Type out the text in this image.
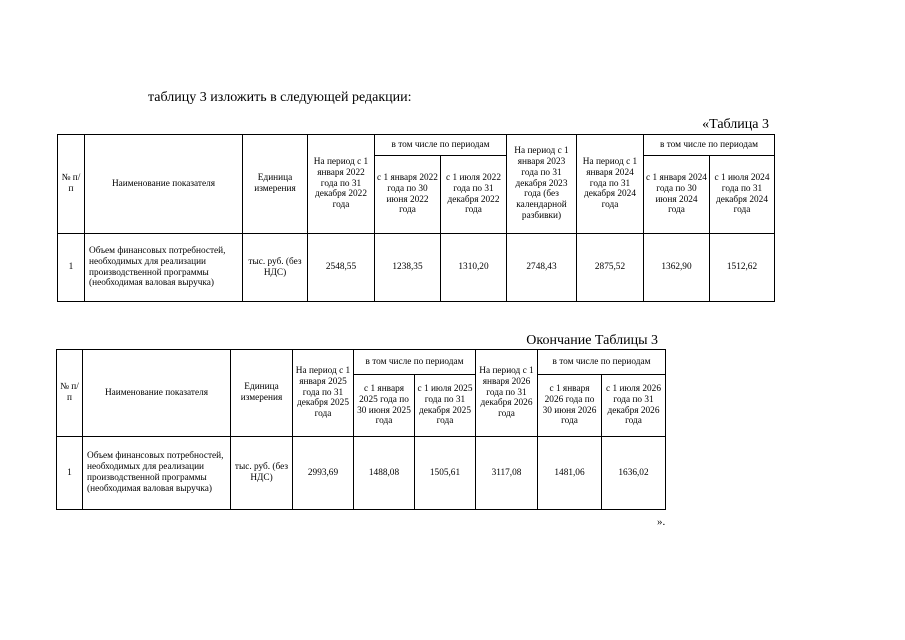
таблицу 3 изложить в следующей редакции:
«Таблица 3
№ п/п	Наименование показателя	Единица измерения	На период с 1 января 2022 года по 31 декабря 2022 года	в том числе по периодам		На период с 1 января 2023 года по 31 декабря 2023 года (без календарной разбивки)	На период с 1 января 2024 года по 31 декабря 2024 года	в том числе по периодам	
				с 1 января 2022 года по 30 июня 2022 года	с 1 июля 2022 года по 31 декабря 2022 года			с 1 января 2024 года по 30 июня 2024 года	с 1 июля 2024 года по 31 декабря 2024 года
1	Объем финансовых потребностей, необходимых для реализации производственной программы (необходимая валовая выручка)	тыс. руб. (без НДС)	2548,55	1238,35	1310,20	2748,43	2875,52	1362,90	1512,62
Окончание Таблицы 3
№ п/п	Наименование показателя	Единица измерения	На период с 1 января 2025 года по 31 декабря 2025 года	в том числе по периодам		На период с 1 января 2026 года по 31 декабря 2026 года	в том числе по периодам	
				с 1 января 2025 года по 30 июня 2025 года	с 1 июля 2025 года по 31 декабря 2025 года		с 1 января 2026 года по 30 июня 2026 года	с 1 июля 2026 года по 31 декабря 2026 года
1	Объем финансовых потребностей, необходимых для реализации производственной программы (необходимая валовая выручка)	тыс. руб. (без НДС)	2993,69	1488,08	1505,61	3117,08	1481,06	1636,02
».
